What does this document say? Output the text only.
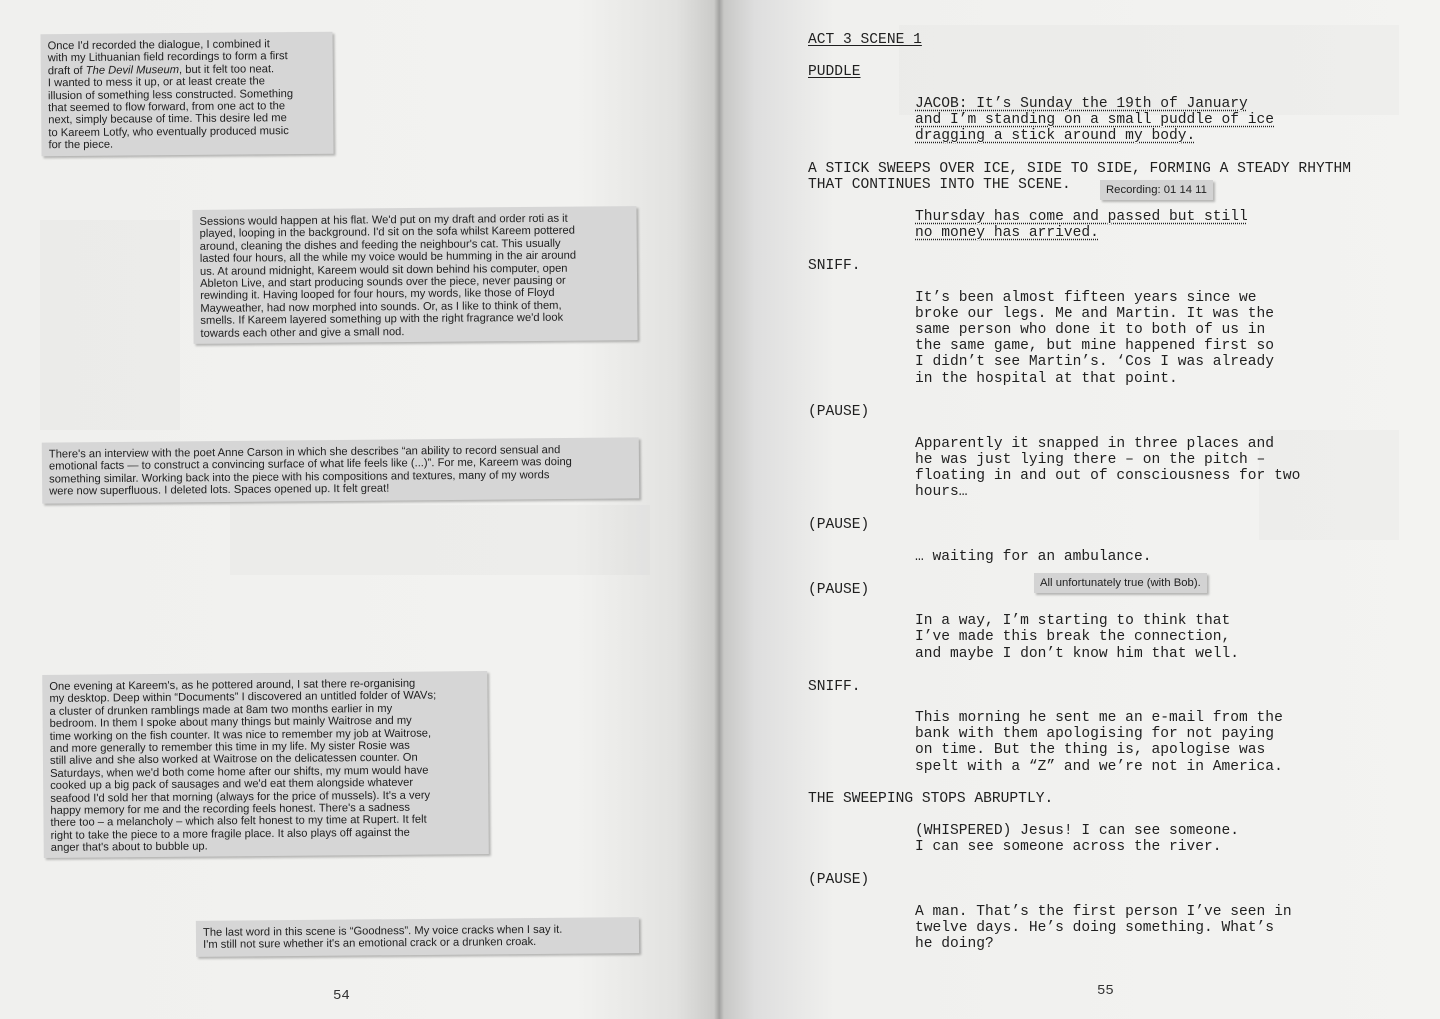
Once I'd recorded the dialogue, I combined it
with my Lithuanian field recordings to form a first
draft of The Devil Museum, but it felt too neat.
I wanted to mess it up, or at least create the
illusion of something less constructed. Something
that seemed to flow forward, from one act to the
next, simply because of time. This desire led me
to Kareem Lotfy, who eventually produced music
for the piece.

Sessions would happen at his flat. We'd put on my draft and order roti as it
played, looping in the background. I'd sit on the sofa whilst Kareem pottered
around, cleaning the dishes and feeding the neighbour's cat. This usually
lasted four hours, all the while my voice would be humming in the air around
us. At around midnight, Kareem would sit down behind his computer, open
Ableton Live, and start producing sounds over the piece, never pausing or
rewinding it. Having looped for four hours, my words, like those of Floyd
Mayweather, had now morphed into sounds. Or, as I like to think of them,
smells. If Kareem layered something up with the right fragrance we'd look
towards each other and give a small nod.

There's an interview with the poet Anne Carson in which she describes “an ability to record sensual and
emotional facts — to construct a convincing surface of what life feels like (...)”. For me, Kareem was doing
something similar. Working back into the piece with his compositions and textures, many of my words
were now superfluous. I deleted lots. Spaces opened up. It felt great!

One evening at Kareem's, as he pottered around, I sat there re-organising
my desktop. Deep within “Documents” I discovered an untitled folder of WAVs;
a cluster of drunken ramblings made at 8am two months earlier in my
bedroom. In them I spoke about many things but mainly Waitrose and my
time working on the fish counter. It was nice to remember my job at Waitrose,
and more generally to remember this time in my life. My sister Rosie was
still alive and she also worked at Waitrose on the delicatessen counter. On
Saturdays, when we'd both come home after our shifts, my mum would have
cooked up a big pack of sausages and we'd eat them alongside whatever
seafood I'd sold her that morning (always for the price of mussels). It's a very
happy memory for me and the recording feels honest. There's a sadness
there too – a melancholy – which also felt honest to my time at Rupert. It felt
right to take the piece to a more fragile place. It also plays off against the
anger that's about to bubble up.

The last word in this scene is “Goodness”. My voice cracks when I say it.
I'm still not sure whether it's an emotional crack or a drunken croak.

54
ACT 3 SCENE 1
PUDDLE
JACOB: It’s Sunday the 19th of January
and I’m standing on a small puddle of ice
dragging a stick around my body.
A STICK SWEEPS OVER ICE, SIDE TO SIDE, FORMING A STEADY RHYTHM
THAT CONTINUES INTO THE SCENE.	Recording: 01 14 11
Thursday has come and passed but still
no money has arrived.
SNIFF.
It’s been almost fifteen years since we
broke our legs. Me and Martin. It was the
same person who done it to both of us in
the same game, but mine happened first so
I didn’t see Martin’s. ‘Cos I was already
in the hospital at that point.
(PAUSE)
Apparently it snapped in three places and
he was just lying there – on the pitch –
floating in and out of consciousness for two
hours…
(PAUSE)
… waiting for an ambulance.
(PAUSE)	All unfortunately true (with Bob).
In a way, I’m starting to think that
I’ve made this break the connection,
and maybe I don’t know him that well.
SNIFF.
This morning he sent me an e-mail from the
bank with them apologising for not paying
on time. But the thing is, apologise was
spelt with a “Z” and we’re not in America.
THE SWEEPING STOPS ABRUPTLY.
(WHISPERED) Jesus! I can see someone.
I can see someone across the river.
(PAUSE)
A man. That’s the first person I’ve seen in
twelve days. He’s doing something. What’s
he doing?
55
